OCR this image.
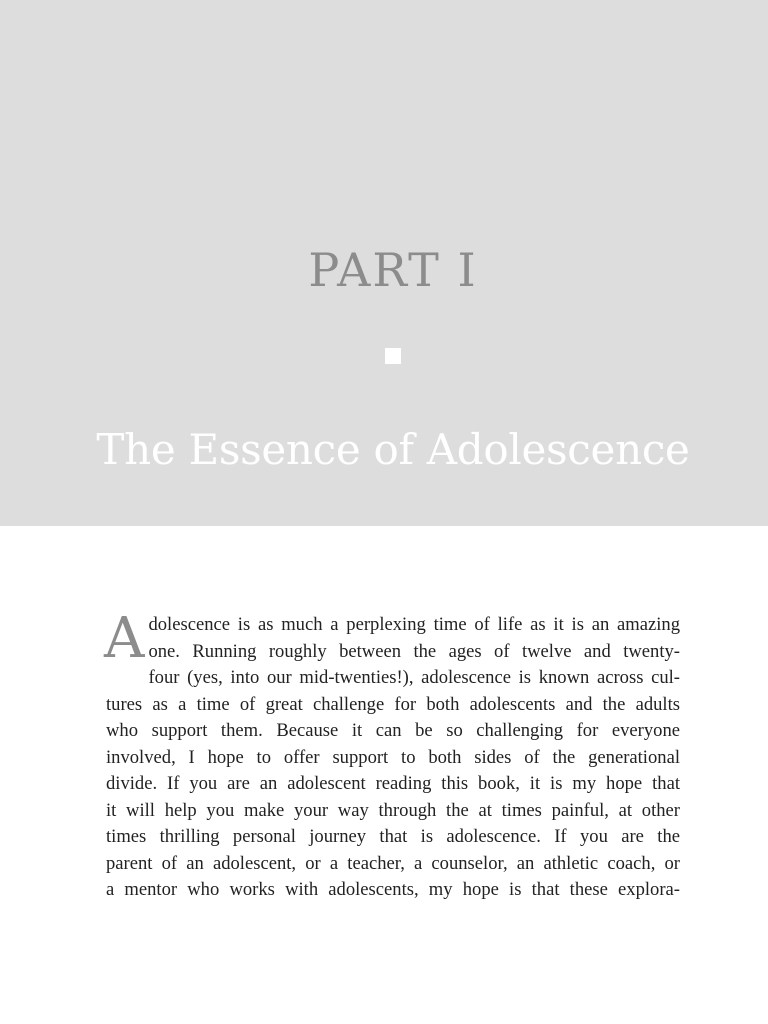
PART I
The Essence of Adolescence
A dolescence is as much a perplexing time of life as it is an amazing
one. Running roughly between the ages of twelve and twenty-
four (yes, into our mid-twenties!), adolescence is known across cul-
tures as a time of great challenge for both adolescents and the adults
who support them. Because it can be so challenging for everyone
involved, I hope to offer support to both sides of the generational
divide. If you are an adolescent reading this book, it is my hope that
it will help you make your way through the at times painful, at other
times thrilling personal journey that is adolescence. If you are the
parent of an adolescent, or a teacher, a counselor, an athletic coach, or
a mentor who works with adolescents, my hope is that these explora-
